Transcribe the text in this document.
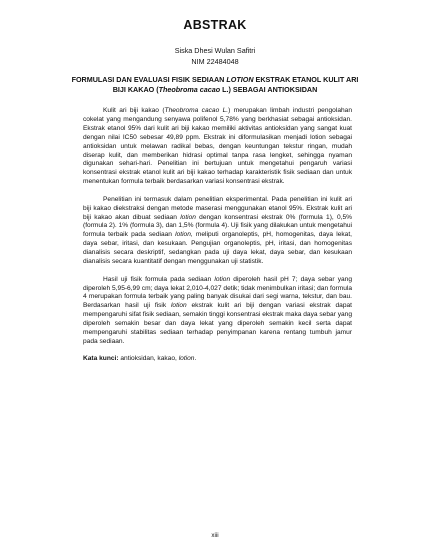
ABSTRAK
Siska Dhesi Wulan Safitri
NIM 22484048
FORMULASI DAN EVALUASI FISIK SEDIAAN LOTION EKSTRAK ETANOL KULIT ARI BIJI KAKAO (Theobroma cacao L.) SEBAGAI ANTIOKSIDAN

Kulit ari biji kakao (Theobroma cacao L.) merupakan limbah industri pengolahan cokelat yang mengandung senyawa polifenol 5,78% yang berkhasiat sebagai antioksidan. Ekstrak etanol 95% dari kulit ari biji kakao memiliki aktivitas antioksidan yang sangat kuat dengan nilai IC50 sebesar 49,89 ppm. Ekstrak ini diformulasikan menjadi lotion sebagai antioksidan untuk melawan radikal bebas, dengan keuntungan tekstur ringan, mudah diserap kulit, dan memberikan hidrasi optimal tanpa rasa lengket, sehingga nyaman digunakan sehari-hari. Penelitian ini bertujuan untuk mengetahui pengaruh variasi konsentrasi ekstrak etanol kulit ari biji kakao terhadap karakteristik fisik sediaan dan untuk menentukan formula terbaik berdasarkan variasi konsentrasi ekstrak.

Penelitian ini termasuk dalam penelitian eksperimental. Pada penelitian ini kulit ari biji kakao diekstraksi dengan metode maserasi menggunakan etanol 95%. Ekstrak kulit ari biji kakao akan dibuat sediaan lotion dengan konsentrasi ekstrak 0% (formula 1), 0,5% (formula 2). 1% (formula 3), dan 1,5% (formula 4). Uji fisik yang dilakukan untuk mengetahui formula terbaik pada sediaan lotion, meliputi organoleptis, pH, homogenitas, daya lekat, daya sebar, iritasi, dan kesukaan. Pengujian organoleptis, pH, iritasi, dan homogenitas dianalisis secara deskriptif, sedangkan pada uji daya lekat, daya sebar, dan kesukaan dianalisis secara kuantitatif dengan menggunakan uji statistik.

Hasil uji fisik formula pada sediaan lotion diperoleh hasil pH 7; daya sebar yang diperoleh 5,95-6,99 cm; daya lekat 2,010-4,027 detik; tidak menimbulkan iritasi; dan formula 4 merupakan formula terbaik yang paling banyak disukai dari segi warna, tekstur, dan bau. Berdasarkan hasil uji fisik lotion ekstrak kulit ari biji dengan variasi ekstrak dapat mempengaruhi sifat fisik sediaan, semakin tinggi konsentrasi ekstrak maka daya sebar yang diperoleh semakin besar dan daya lekat yang diperoleh semakin kecil serta dapat mempengaruhi stabilitas sediaan terhadap penyimpanan karena rentang tumbuh jamur pada sediaan.

Kata kunci: antioksidan, kakao, lotion.
xiii
